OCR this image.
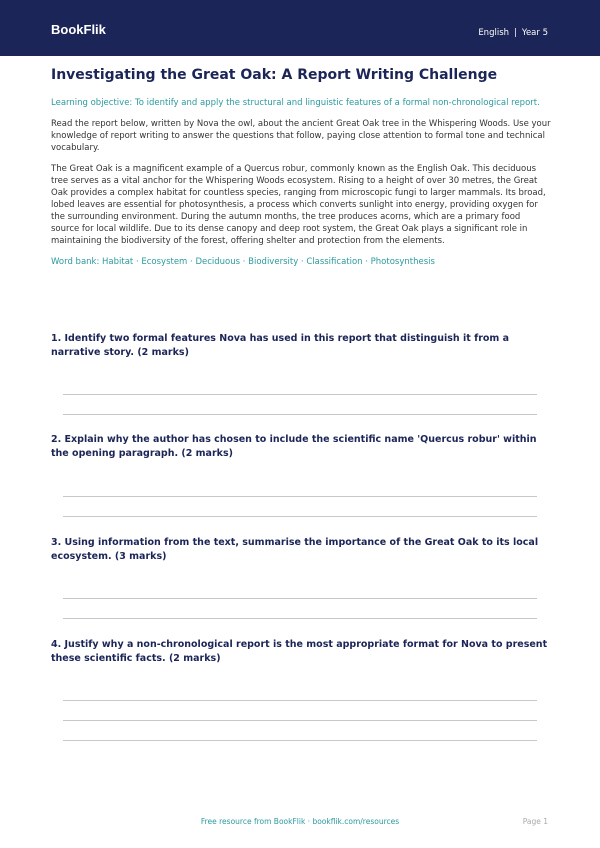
BookFlik	English | Year 5
Investigating the Great Oak: A Report Writing Challenge

Learning objective: To identify and apply the structural and linguistic features of a formal non-chronological report.

Read the report below, written by Nova the owl, about the ancient Great Oak tree in the Whispering Woods. Use your knowledge of report writing to answer the questions that follow, paying close attention to formal tone and technical vocabulary.

The Great Oak is a magnificent example of a Quercus robur, commonly known as the English Oak. This deciduous tree serves as a vital anchor for the Whispering Woods ecosystem. Rising to a height of over 30 metres, the Great Oak provides a complex habitat for countless species, ranging from microscopic fungi to larger mammals. Its broad, lobed leaves are essential for photosynthesis, a process which converts sunlight into energy, providing oxygen for the surrounding environment. During the autumn months, the tree produces acorns, which are a primary food source for local wildlife. Due to its dense canopy and deep root system, the Great Oak plays a significant role in maintaining the biodiversity of the forest, offering shelter and protection from the elements.

Word bank: Habitat · Ecosystem · Deciduous · Biodiversity · Classification · Photosynthesis

1. Identify two formal features Nova has used in this report that distinguish it from a narrative story. (2 marks)
2. Explain why the author has chosen to include the scientific name 'Quercus robur' within the opening paragraph. (2 marks)
3. Using information from the text, summarise the importance of the Great Oak to its local ecosystem. (3 marks)
4. Justify why a non-chronological report is the most appropriate format for Nova to present these scientific facts. (2 marks)
Free resource from BookFlik · bookflik.com/resources	Page 1
